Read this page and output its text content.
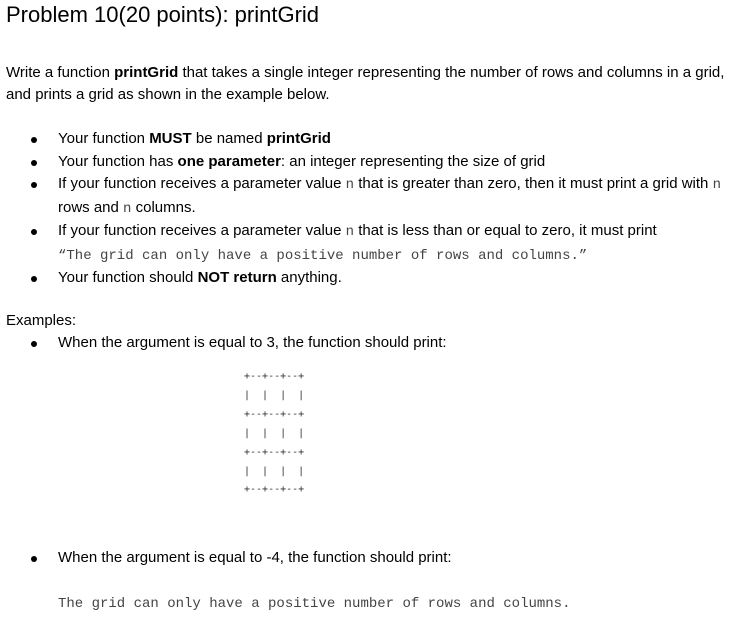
Problem 10(20 points): printGrid
Write a function printGrid that takes a single integer representing the number of rows and columns in a grid, and prints a grid as shown in the example below.
Your function MUST be named printGrid
Your function has one parameter: an integer representing the size of grid
If your function receives a parameter value n that is greater than zero, then it must print a grid with n rows and n columns.
If your function receives a parameter value n that is less than or equal to zero, it must print
“The grid can only have a positive number of rows and columns.”
Your function should NOT return anything.
Examples:
When the argument is equal to 3, the function should print:
+--+--+--+
|  |  |  |
+--+--+--+
|  |  |  |
+--+--+--+
|  |  |  |
+--+--+--+
When the argument is equal to -4, the function should print:
The grid can only have a positive number of rows and columns.
